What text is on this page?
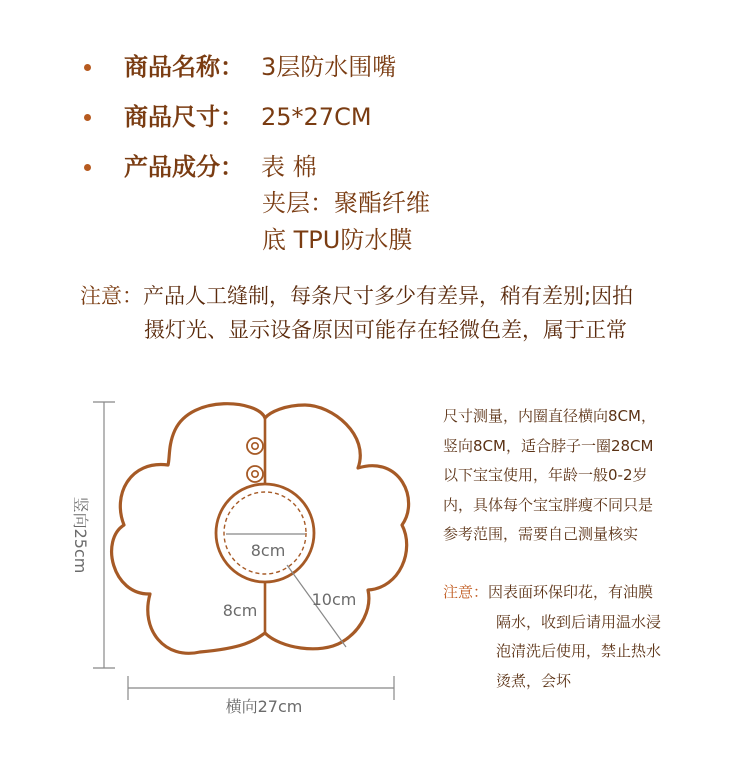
商品名称： 3层防水围嘴
商品尺寸： 25*27CM
产品成分： 表 棉
夹层：聚酯纤维
底 TPU防水膜
注意：产品人工缝制，每条尺寸多少有差异，稍有差别;因拍
摄灯光、显示设备原因可能存在轻微色差，属于正常
竖向25cm	8cm
8cm
10cm
横向27cm
尺寸测量，内圈直径横向8CM，
竖向8CM，适合脖子一圈28CM
以下宝宝使用，年龄一般0-2岁
内，具体每个宝宝胖瘦不同只是
参考范围，需要自己测量核实
注意：因表面环保印花，有油膜
隔水，收到后请用温水浸
泡清洗后使用，禁止热水
烫煮，会坏
